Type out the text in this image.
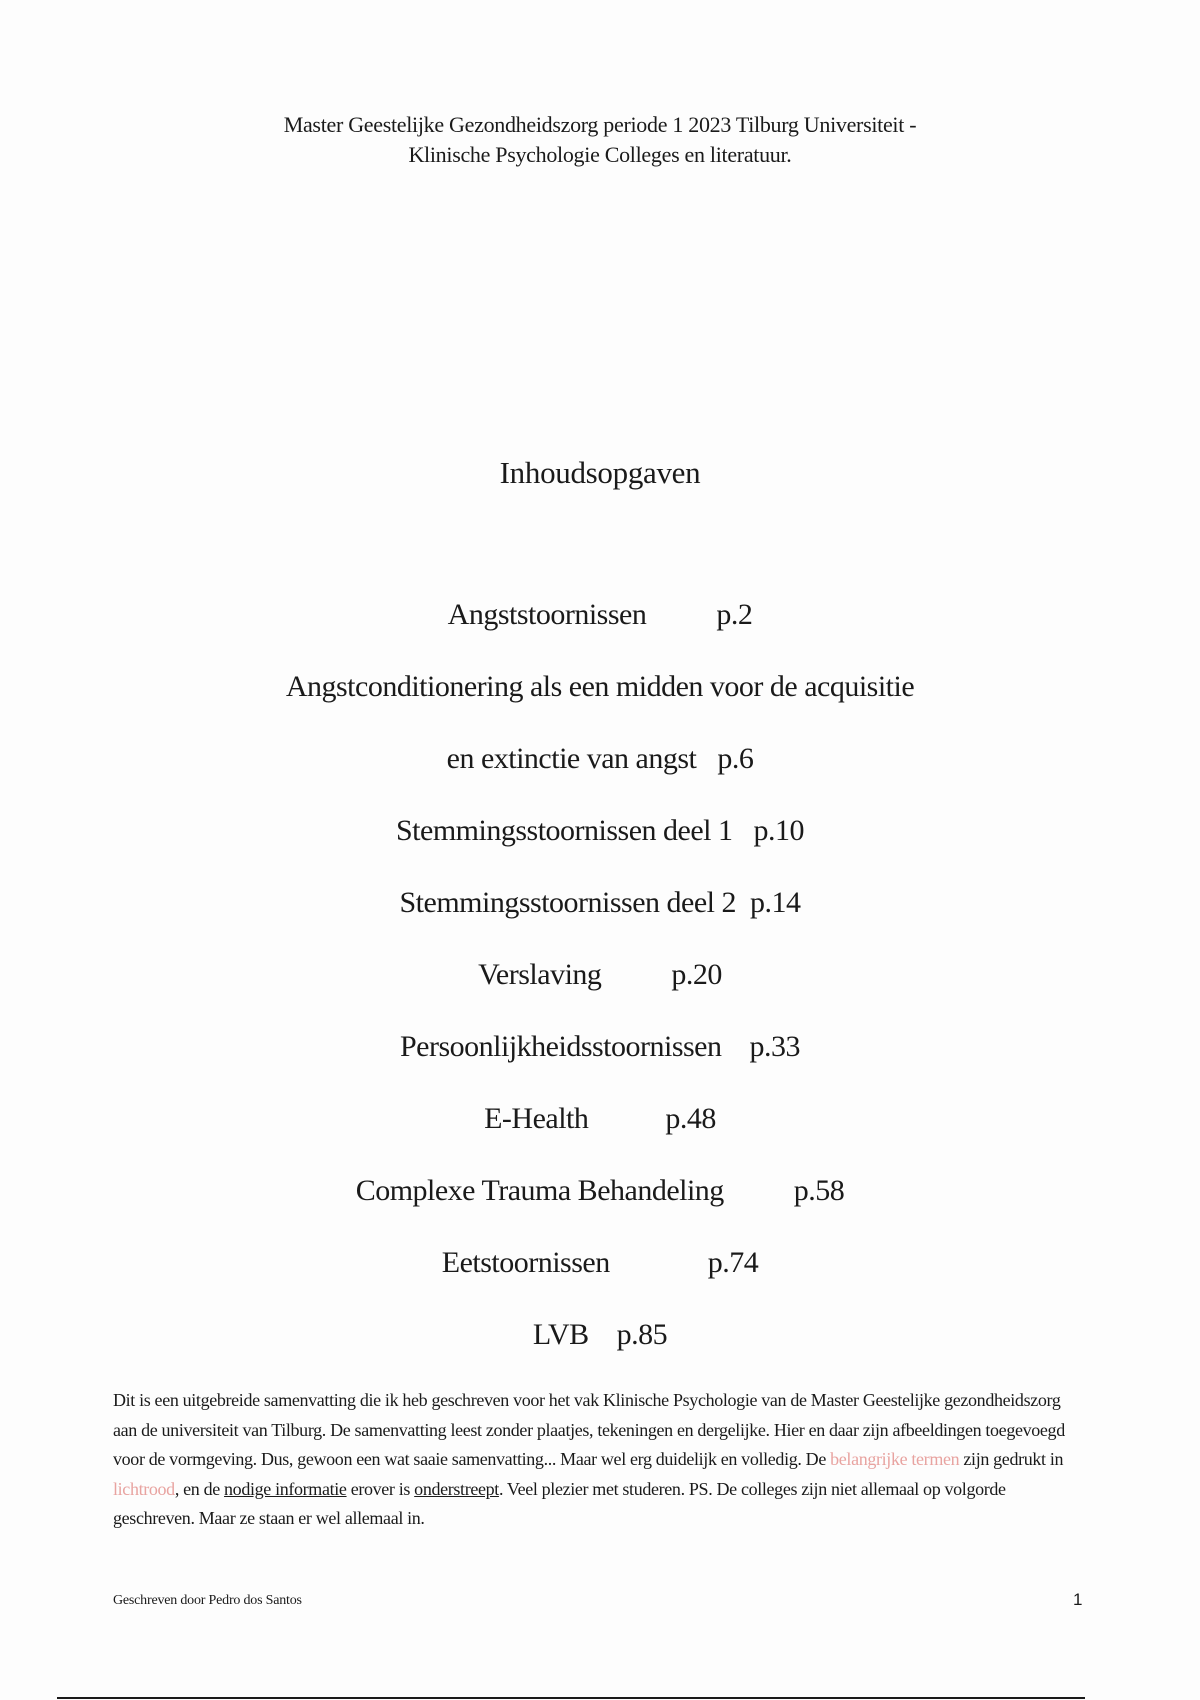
Master Geestelijke Gezondheidszorg periode 1 2023 Tilburg Universiteit -
Klinische Psychologie Colleges en literatuur.
Inhoudsopgaven
Angststoornissen          p.2
Angstconditionering als een midden voor de acquisitie
en extinctie van angst   p.6
Stemmingsstoornissen deel 1   p.10
Stemmingsstoornissen deel 2  p.14
Verslaving          p.20
Persoonlijkheidsstoornissen    p.33
E-Health           p.48
Complexe Trauma Behandeling          p.58
Eetstoornissen              p.74
LVB    p.85
Dit is een uitgebreide samenvatting die ik heb geschreven voor het vak Klinische Psychologie van de Master Geestelijke gezondheidszorg aan de universiteit van Tilburg. De samenvatting leest zonder plaatjes, tekeningen en dergelijke. Hier en daar zijn afbeeldingen toegevoegd voor de vormgeving. Dus, gewoon een wat saaie samenvatting... Maar wel erg duidelijk en volledig. De belangrijke termen zijn gedrukt in lichtrood, en de nodige informatie erover is onderstreept. Veel plezier met studeren. PS. De colleges zijn niet allemaal op volgorde geschreven. Maar ze staan er wel allemaal in.
Geschreven door Pedro dos Santos	1
